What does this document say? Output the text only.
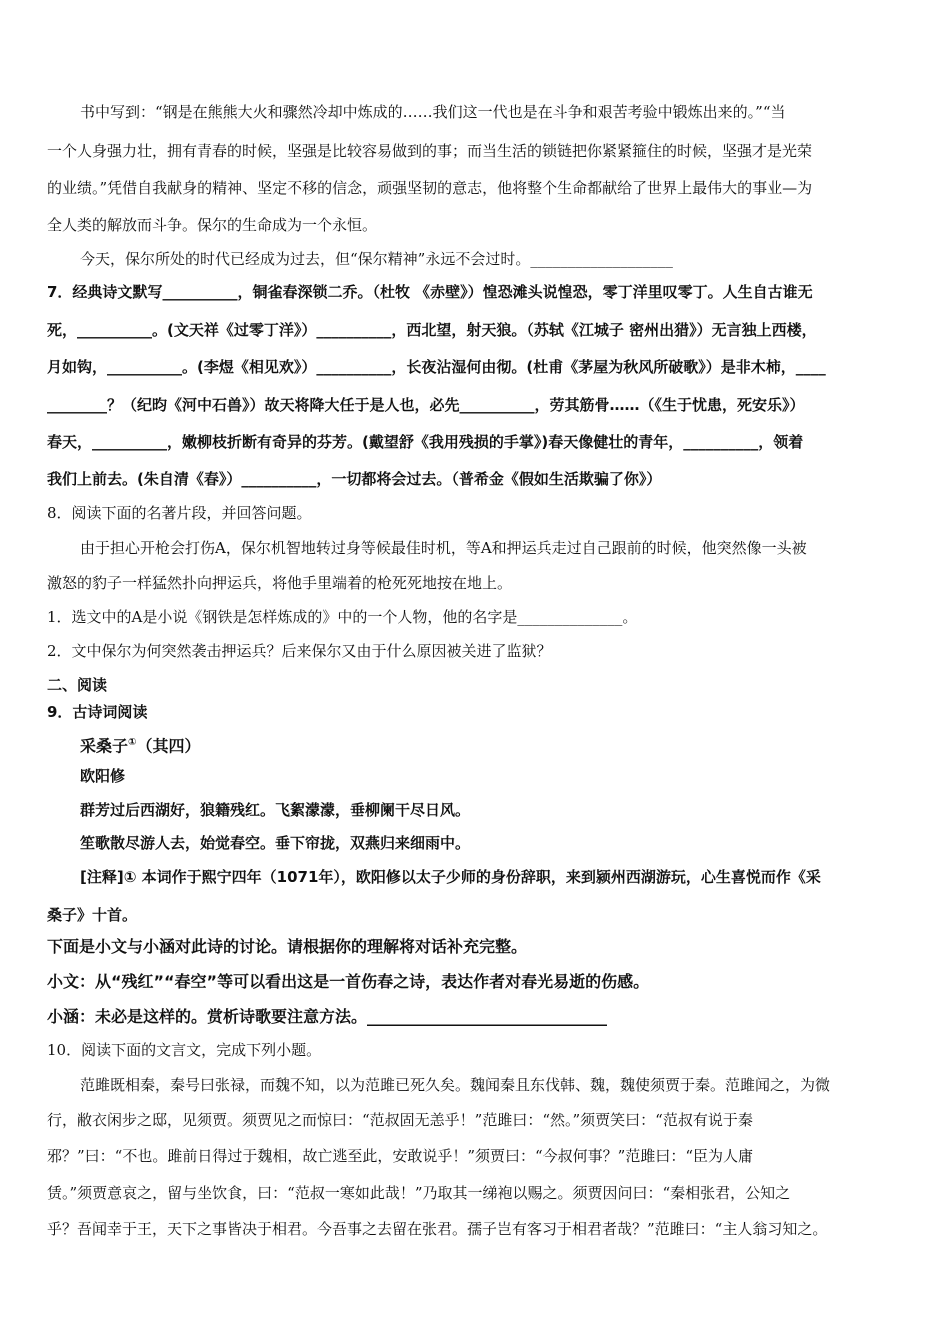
书中写到：“钢是在熊熊大火和骤然冷却中炼成的……我们这一代也是在斗争和艰苦考验中锻炼出来的。”“当
一个人身强力壮，拥有青春的时候，坚强是比较容易做到的事；而当生活的锁链把你紧紧箍住的时候，坚强才是光荣
的业绩。”凭借自我献身的精神、坚定不移的信念，顽强坚韧的意志，他将整个生命都献给了世界上最伟大的事业—为
全人类的解放而斗争。保尔的生命成为一个永恒。
今天，保尔所处的时代已经成为过去，但“保尔精神”永远不会过时。___________________
7．经典诗文默写__________，铜雀春深锁二乔。（杜牧 《赤壁》）惶恐滩头说惶恐，零丁洋里叹零丁。人生自古谁无
死，__________。(文天祥《过零丁洋》）__________，西北望，射天狼。（苏轼《江城子 密州出猎》）无言独上西楼，
月如钩，__________。(李煜《相见欢》）__________，长夜沾湿何由彻。(杜甫《茅屋为秋风所破歌》）是非木柿，____
________？（纪昀《河中石兽》）故天将降大任于是人也，必先__________，劳其筋骨……（《生于忧患，死安乐》）
春天，__________，嫩柳枝折断有奇异的芬芳。(戴望舒《我用残损的手掌》)春天像健壮的青年，__________，领着
我们上前去。(朱自清《春》）__________，一切都将会过去。（普希金《假如生活欺骗了你》）
8．阅读下面的名著片段，并回答问题。
由于担心开枪会打伤A，保尔机智地转过身等候最佳时机，等A和押运兵走过自己跟前的时候，他突然像一头被
激怒的豹子一样猛然扑向押运兵，将他手里端着的枪死死地按在地上。
1．选文中的A是小说《钢铁是怎样炼成的》中的一个人物，他的名字是______________。
2．文中保尔为何突然袭击押运兵？后来保尔又由于什么原因被关进了监狱？
二、阅读
9．古诗词阅读
采桑子①（其四）
欧阳修
群芳过后西湖好，狼籍残红。飞絮濛濛，垂柳阑干尽日风。
笙歌散尽游人去，始觉春空。垂下帘拢，双燕归来细雨中。
[注释]① 本词作于熙宁四年（1071年），欧阳修以太子少师的身份辞职，来到颍州西湖游玩，心生喜悦而作《采
桑子》十首。
下面是小文与小涵对此诗的讨论。请根据你的理解将对话补充完整。
小文：从“残红”“春空”等可以看出这是一首伤春之诗，表达作者对春光易逝的伤感。
小涵：未必是这样的。赏析诗歌要注意方法。______________________________
10．阅读下面的文言文，完成下列小题。
范雎既相秦，秦号曰张禄，而魏不知，以为范雎已死久矣。魏闻秦且东伐韩、魏，魏使须贾于秦。范雎闻之，为微
行，敝衣闲步之邸，见须贾。须贾见之而惊曰：“范叔固无恙乎！”范雎曰：“然。”须贾笑曰：“范叔有说于秦
邪？”曰：“不也。雎前日得过于魏相，故亡逃至此，安敢说乎！”须贾曰：“今叔何事？”范雎曰：“臣为人庸
赁。”须贾意哀之，留与坐饮食，曰：“范叔一寒如此哉！”乃取其一绨袍以赐之。须贾因问曰：“秦相张君，公知之
乎？吾闻幸于王，天下之事皆决于相君。今吾事之去留在张君。孺子岂有客习于相君者哉？”范雎曰：“主人翁习知之。
